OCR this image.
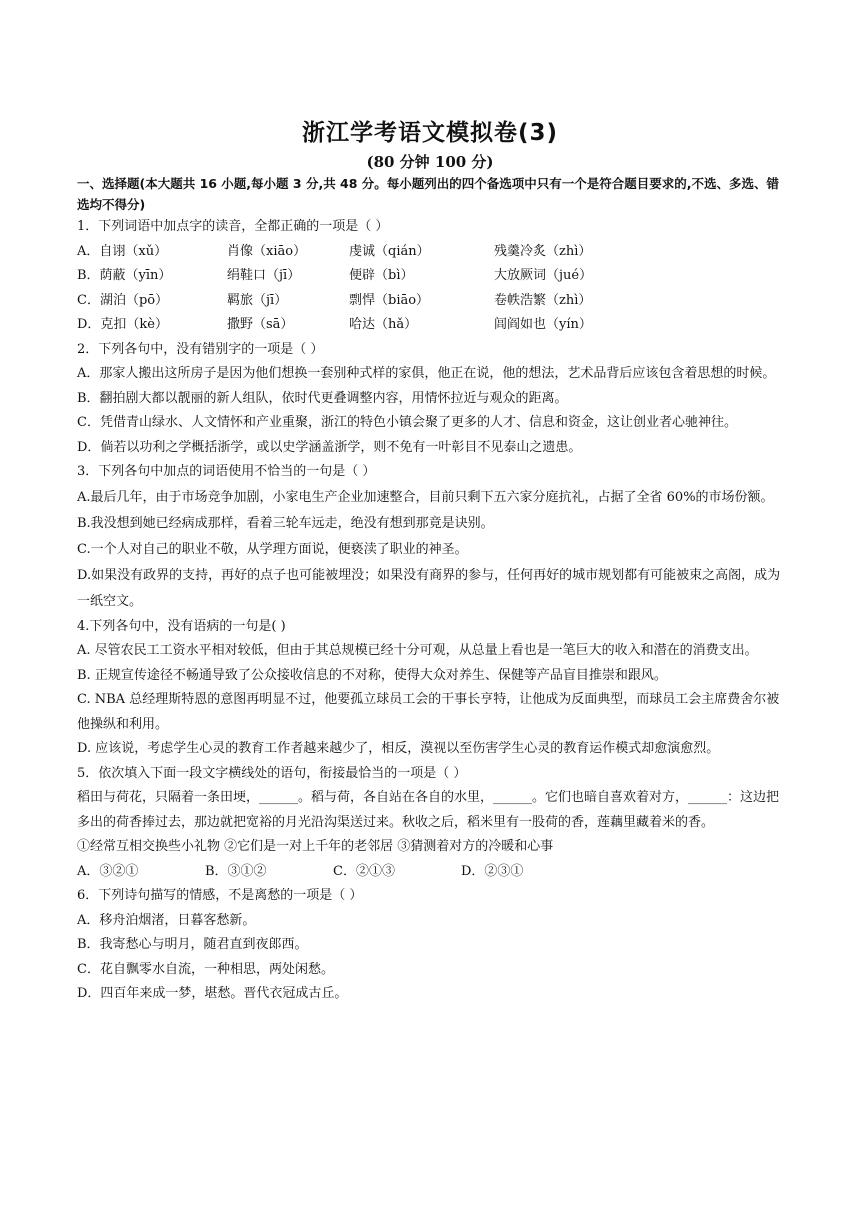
浙江学考语文模拟卷(3)
(80 分钟 100 分)

一、选择题(本大题共 16 小题,每小题 3 分,共 48 分。每小题列出的四个备选项中只有一个是符合题目要求的,不选、多选、错选均不得分)

1．下列词语中加点字的读音，全都正确的一项是（ ）

A．自诩（xǔ）	肖像（xiāo）	虔诚（qián）	残羹冷炙（zhì）
B．荫蔽（yīn）	绢鞋口（jī）	便辟（bì）	大放厥词（jué）
C．湖泊（pō）	羁旅（jī）	剽悍（biāo）	卷帙浩繁（zhì）
D．克扣（kè）	撒野（sā）	哈达（hǎ）	闾阎如也（yín）

2．下列各句中，没有错别字的一项是（ ）

A．那家人搬出这所房子是因为他们想换一套别种式样的家俱，他正在说，他的想法，艺术品背后应该包含着思想的时候。

B．翻拍剧大都以靓丽的新人组队，依时代更叠调整内容，用情怀拉近与观众的距离。

C．凭借青山绿水、人文情怀和产业重聚，浙江的特色小镇会聚了更多的人才、信息和资金，这让创业者心驰神往。

D．倘若以功利之学概括浙学，或以史学涵盖浙学，则不免有一叶彰目不见泰山之遗患。

3．下列各句中加点的词语使用不恰当的一句是（ ）

A.最后几年，由于市场竞争加剧，小家电生产企业加速整合，目前只剩下五六家分庭抗礼，占据了全省 60%的市场份额。

B.我没想到她已经病成那样，看着三轮车远走，绝没有想到那竟是诀别。

C.一个人对自己的职业不敬，从学理方面说，便亵渎了职业的神圣。

D.如果没有政界的支持，再好的点子也可能被埋没；如果没有商界的参与，任何再好的城市规划都有可能被束之高阁，成为一纸空文。

4.下列各句中，没有语病的一句是( )

A. 尽管农民工工资水平相对较低，但由于其总规模已经十分可观，从总量上看也是一笔巨大的收入和潜在的消费支出。

B. 正规宣传途径不畅通导致了公众接收信息的不对称，使得大众对养生、保健等产品盲目推崇和跟风。

C. NBA 总经理斯特恩的意图再明显不过，他要孤立球员工会的干事长亨特，让他成为反面典型，而球员工会主席费舍尔被他操纵和利用。

D. 应该说，考虑学生心灵的教育工作者越来越少了，相反，漠视以至伤害学生心灵的教育运作模式却愈演愈烈。

5．依次填入下面一段文字横线处的语句，衔接最恰当的一项是（ ）

稻田与荷花，只隔着一条田埂，______。稻与荷，各自站在各自的水里，______。它们也暗自喜欢着对方，______：这边把多出的荷香捧过去，那边就把宽裕的月光沿沟渠送过来。秋收之后，稻米里有一股荷的香，莲藕里藏着米的香。

①经常互相交换些小礼物 ②它们是一对上千年的老邻居 ③猜测着对方的冷暖和心事

A．③②①	B．③①②	C．②①③	D．②③①

6．下列诗句描写的情感，不是离愁的一项是（ ）

A．移舟泊烟渚，日暮客愁新。

B．我寄愁心与明月，随君直到夜郎西。

C．花自飘零水自流，一种相思，两处闲愁。

D．四百年来成一梦，堪愁。晋代衣冠成古丘。
